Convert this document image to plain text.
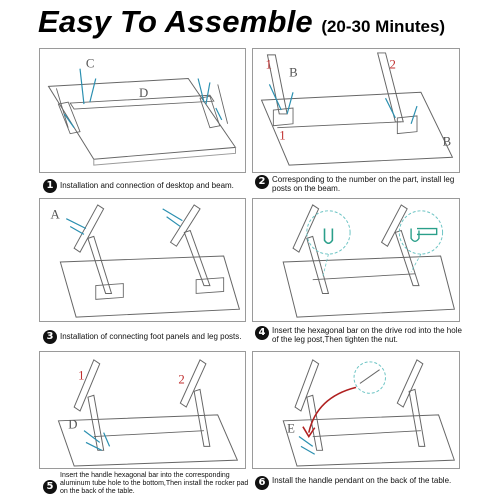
Easy To Assemble (20-30 Minutes)
C
D
1 Installation and connection of desktop and beam.
1
B
2
1	B
2 Corresponding to the number on the part, install leg posts on the beam.
A
3 Installation of connecting foot panels and leg posts.	4 Insert the hexagonal bar on the drive rod into the hole of the leg post,Then tighten the nut.
1	2
D
5
Insert the handle hexagonal bar into the corresponding aluminum tube hole to the bottom,Then install the rocker pad on the back of the table.
E
6 Install the handle pendant on the back of the table.
